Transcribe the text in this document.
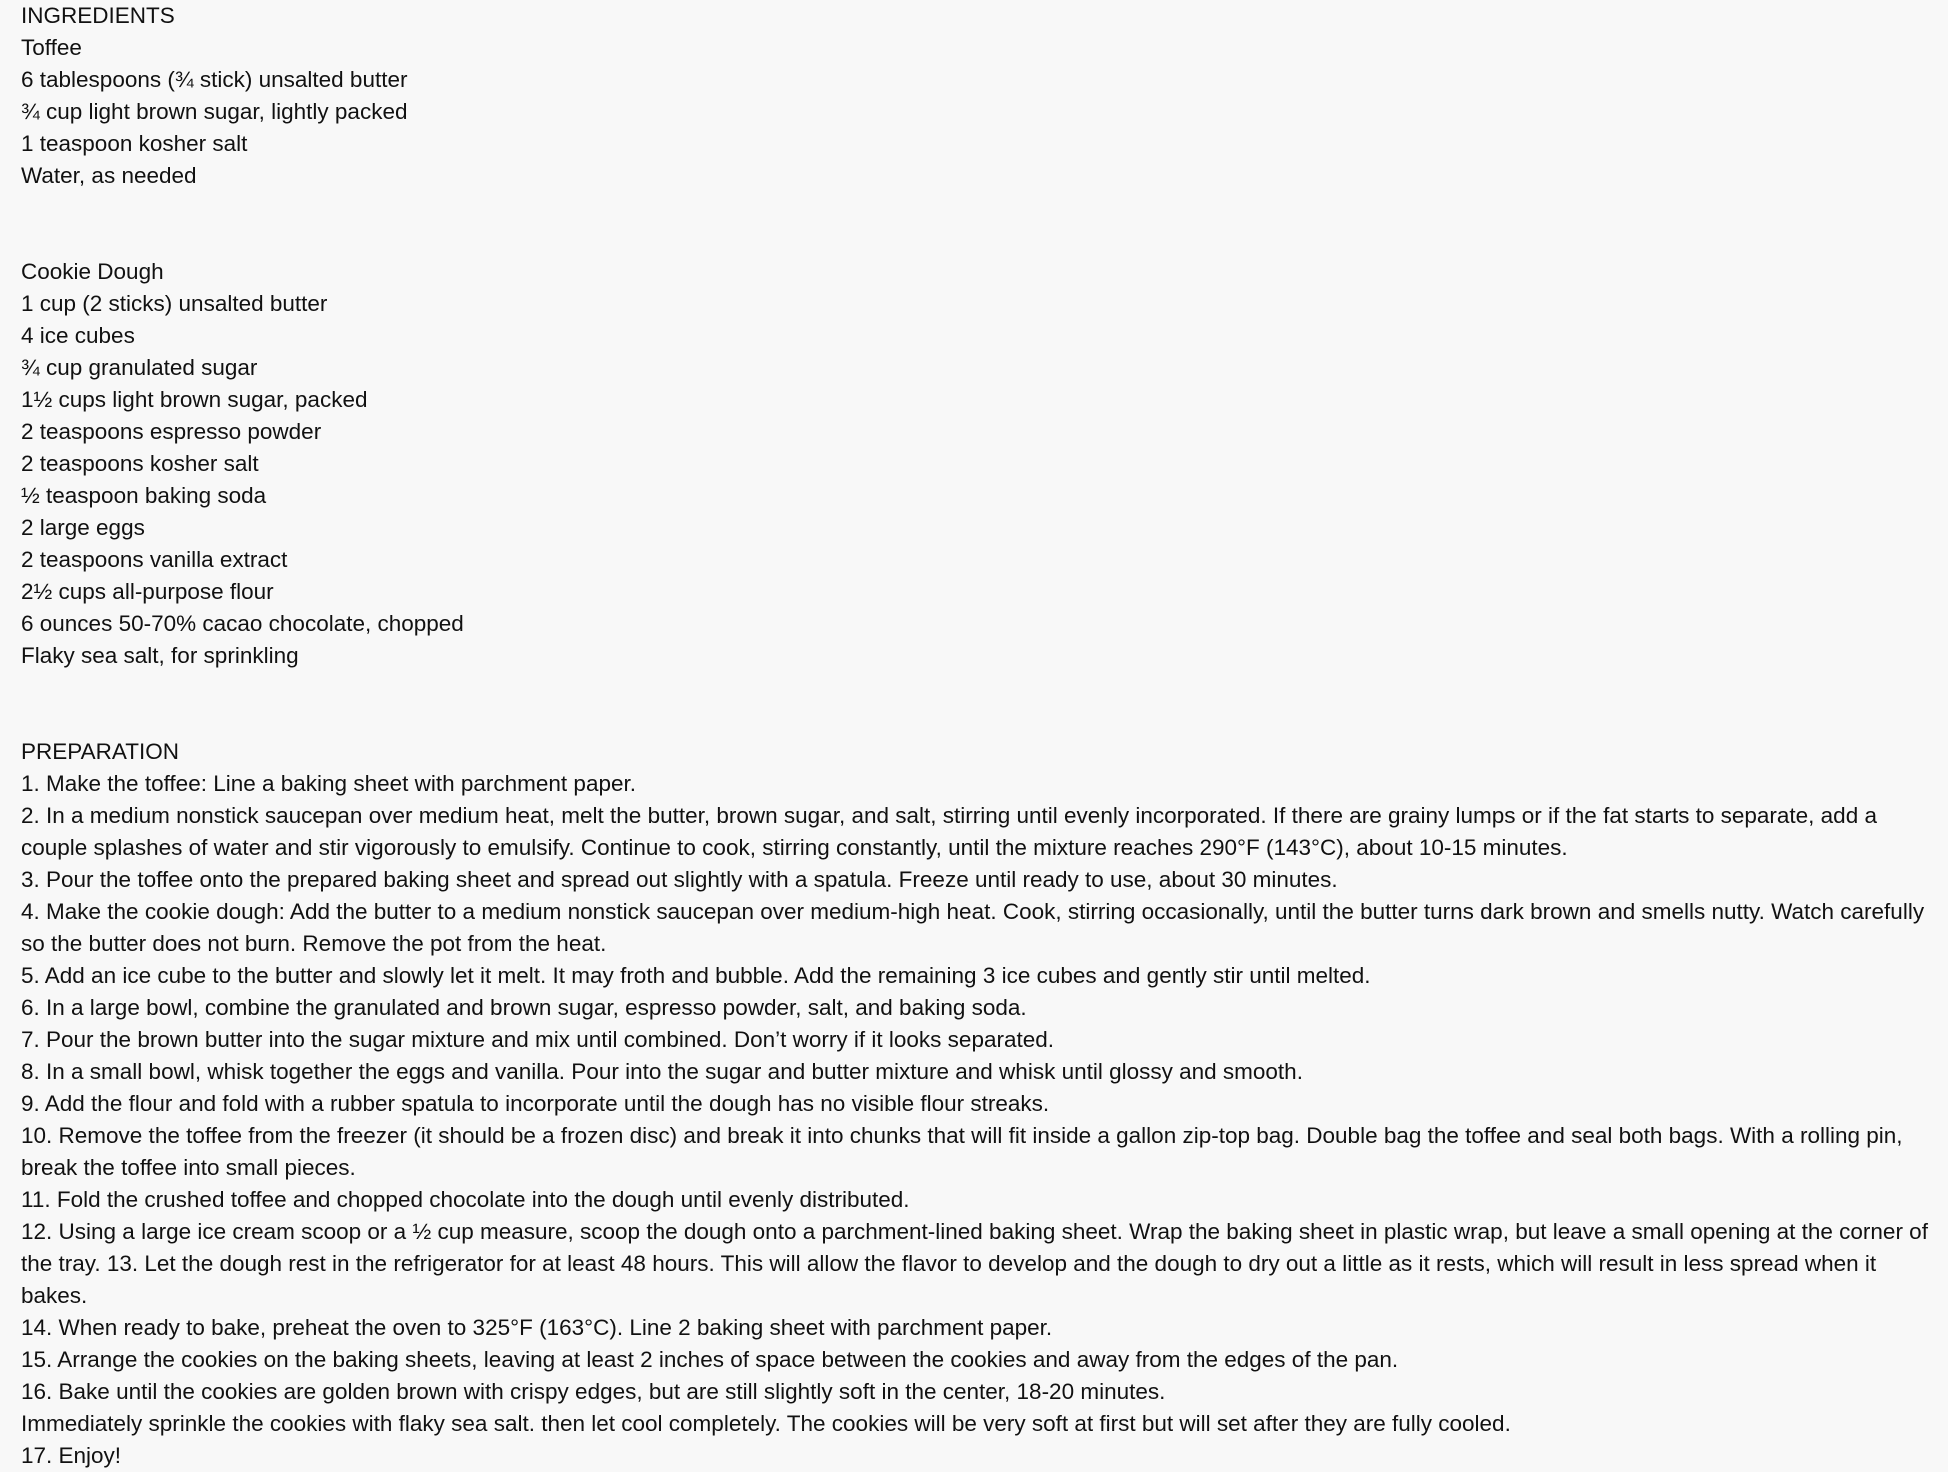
INGREDIENTS
Toffee
6 tablespoons (¾ stick) unsalted butter
¾ cup light brown sugar, lightly packed
1 teaspoon kosher salt
Water, as needed
Cookie Dough
1 cup (2 sticks) unsalted butter
4 ice cubes
¾ cup granulated sugar
1½ cups light brown sugar, packed
2 teaspoons espresso powder
2 teaspoons kosher salt
½ teaspoon baking soda
2 large eggs
2 teaspoons vanilla extract
2½ cups all-purpose flour
6 ounces 50-70% cacao chocolate, chopped
Flaky sea salt, for sprinkling
PREPARATION
1. Make the toffee: Line a baking sheet with parchment paper.
2. In a medium nonstick saucepan over medium heat, melt the butter, brown sugar, and salt, stirring until evenly incorporated. If there are grainy lumps or if the fat starts to separate, add a couple splashes of water and stir vigorously to emulsify. Continue to cook, stirring constantly, until the mixture reaches 290°F (143°C), about 10-15 minutes.
3. Pour the toffee onto the prepared baking sheet and spread out slightly with a spatula. Freeze until ready to use, about 30 minutes.
4. Make the cookie dough: Add the butter to a medium nonstick saucepan over medium-high heat. Cook, stirring occasionally, until the butter turns dark brown and smells nutty. Watch carefully so the butter does not burn. Remove the pot from the heat.
5. Add an ice cube to the butter and slowly let it melt. It may froth and bubble. Add the remaining 3 ice cubes and gently stir until melted.
6. In a large bowl, combine the granulated and brown sugar, espresso powder, salt, and baking soda.
7. Pour the brown butter into the sugar mixture and mix until combined. Don’t worry if it looks separated.
8. In a small bowl, whisk together the eggs and vanilla. Pour into the sugar and butter mixture and whisk until glossy and smooth.
9. Add the flour and fold with a rubber spatula to incorporate until the dough has no visible flour streaks.
10. Remove the toffee from the freezer (it should be a frozen disc) and break it into chunks that will fit inside a gallon zip-top bag. Double bag the toffee and seal both bags. With a rolling pin, break the toffee into small pieces.
11. Fold the crushed toffee and chopped chocolate into the dough until evenly distributed.
12. Using a large ice cream scoop or a ½ cup measure, scoop the dough onto a parchment-lined baking sheet. Wrap the baking sheet in plastic wrap, but leave a small opening at the corner of the tray. 13. Let the dough rest in the refrigerator for at least 48 hours. This will allow the flavor to develop and the dough to dry out a little as it rests, which will result in less spread when it bakes.
14. When ready to bake, preheat the oven to 325°F (163°C). Line 2 baking sheet with parchment paper.
15. Arrange the cookies on the baking sheets, leaving at least 2 inches of space between the cookies and away from the edges of the pan.
16. Bake until the cookies are golden brown with crispy edges, but are still slightly soft in the center, 18-20 minutes.
Immediately sprinkle the cookies with flaky sea salt. then let cool completely. The cookies will be very soft at first but will set after they are fully cooled.
17. Enjoy!
